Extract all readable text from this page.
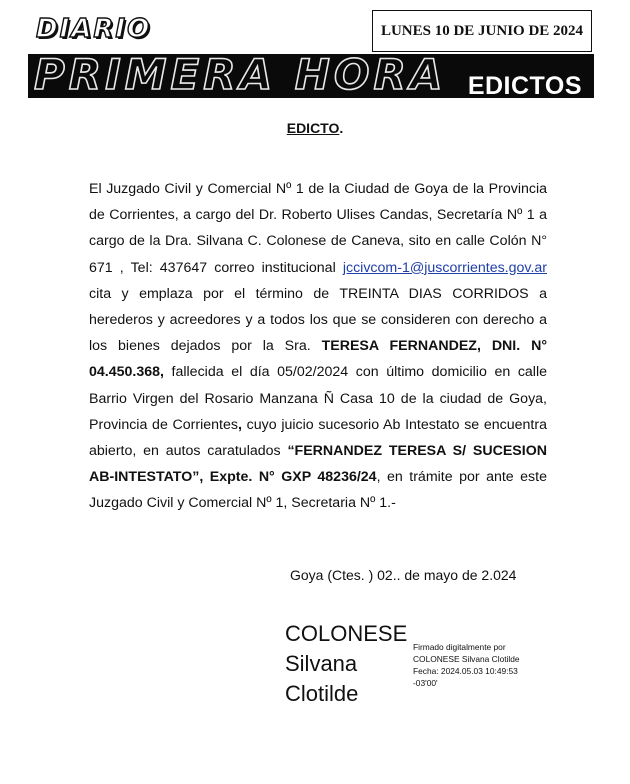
DIARIO	LUNES 10 DE JUNIO DE 2024
PRIMERA HORA EDICTOS
EDICTO.
El Juzgado Civil y Comercial Nº 1 de la Ciudad de Goya de la Provincia de Corrientes, a cargo del Dr. Roberto Ulises Candas, Secretaría Nº 1 a cargo de la Dra. Silvana C. Colonese de Caneva, sito en calle Colón N° 671 , Tel: 437647 correo institucional jccivcom-1@juscorrientes.gov.ar cita y emplaza por el término de TREINTA DIAS CORRIDOS a herederos y acreedores y a todos los que se consideren con derecho a los bienes dejados por la Sra. TERESA FERNANDEZ, DNI. N° 04.450.368, fallecida el día 05/02/2024 con último domicilio en calle Barrio Virgen del Rosario Manzana Ñ Casa 10 de la ciudad de Goya, Provincia de Corrientes, cuyo juicio sucesorio Ab Intestato se encuentra abierto, en autos caratulados “FERNANDEZ TERESA S/ SUCESION AB-INTESTATO”, Expte. N° GXP 48236/24, en trámite por ante este Juzgado Civil y Comercial Nº 1, Secretaria Nº 1.-
Goya (Ctes. ) 02.. de mayo de 2.024
COLONESE
Silvana
Clotilde
Firmado digitalmente por
COLONESE Silvana Clotilde
Fecha: 2024.05.03 10:49:53
-03'00'
